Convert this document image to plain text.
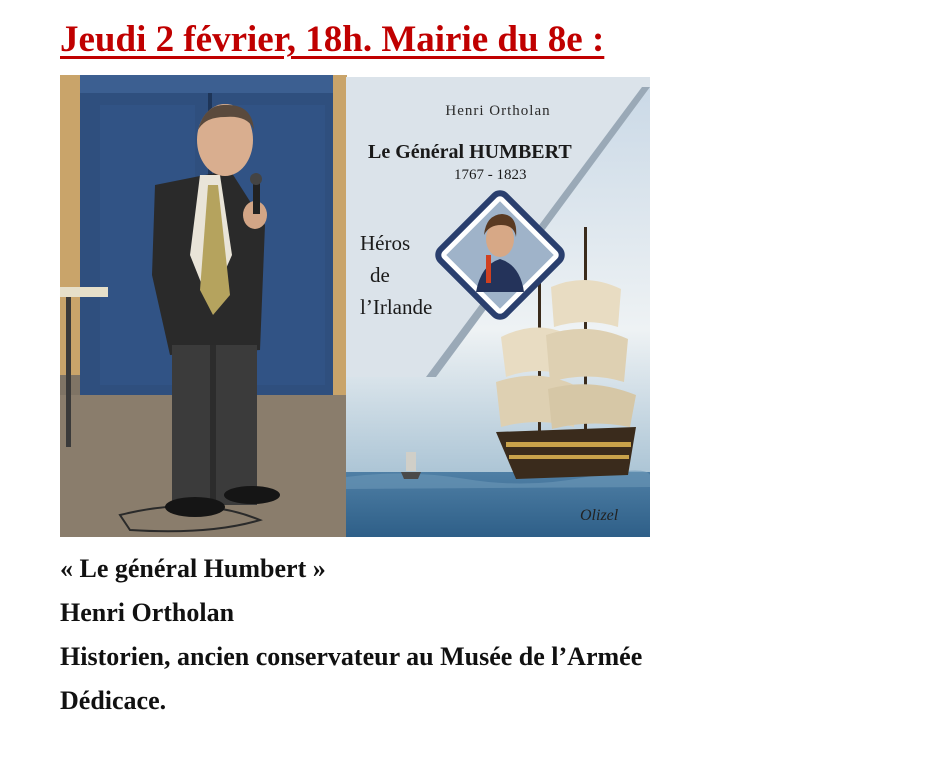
Jeudi 2 février, 18h. Mairie du 8e :
Henri Ortholan
Le Général HUMBERT
1767 - 1823
Héros
de
l’Irlande
Olizel
« Le général Humbert »
Henri Ortholan
Historien, ancien conservateur au Musée de l’Armée
Dédicace.
